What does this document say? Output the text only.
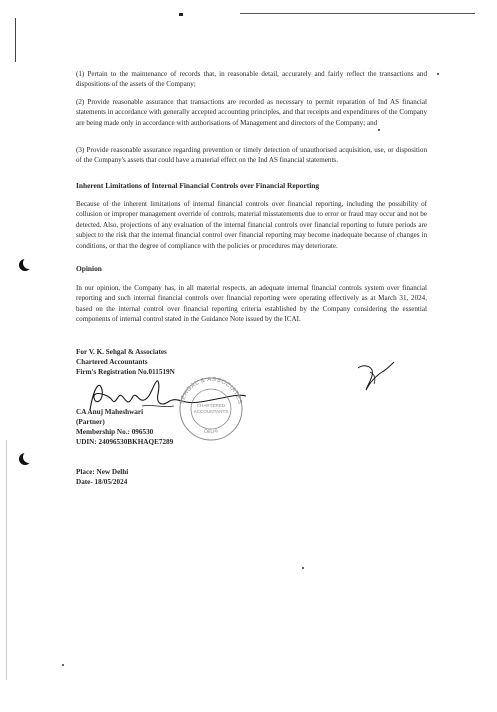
(1) Pertain to the maintenance of records that, in reasonable detail, accurately and fairly reflect the transactions and dispositions of the assets of the Company;

(2) Provide reasonable assurance that transactions are recorded as necessary to permit reparation of Ind AS financial statements in accordance with generally accepted accounting principles, and that receipts and expenditures of the Company are being made only in accordance with authorisations of Management and directors of the Company; and

(3) Provide reasonable assurance regarding prevention or timely detection of unauthorised acquisition, use, or disposition of the Company's assets that could have a material effect on the Ind AS financial statements.

Inherent Limitations of Internal Financial Controls over Financial Reporting

Because of the inherent limitations of internal financial controls over financial reporting, including the possibility of collusion or improper management override of controls, material misstatements due to error or fraud may occur and not be detected. Also, projections of any evaluation of the internal financial controls over financial reporting to future periods are subject to the risk that the internal financial control over financial reporting may become inadequate because of changes in conditions, or that the degree of compliance with the policies or procedures may deteriorate.

Opinion

In our opinion, the Company has, in all material respects, an adequate internal financial controls system over financial reporting and such internal financial controls over financial reporting were operating effectively as at March 31, 2024, based on the internal control over financial reporting criteria established by the Company considering the essential components of internal control stated in the Guidance Note issued by the ICAI.

For V. K. Sehgal & Associates
Chartered Accountants
Firm's Registration No.011519N
SEHGAL & ASSOCIATES
CHARTERED
ACCOUNTANTS
DELHI
CA Anuj Maheshwari
(Partner)
Membership No.: 096530
UDIN: 24096530BKHAQE7289
Place: New Delhi
Date- 18/05/2024
